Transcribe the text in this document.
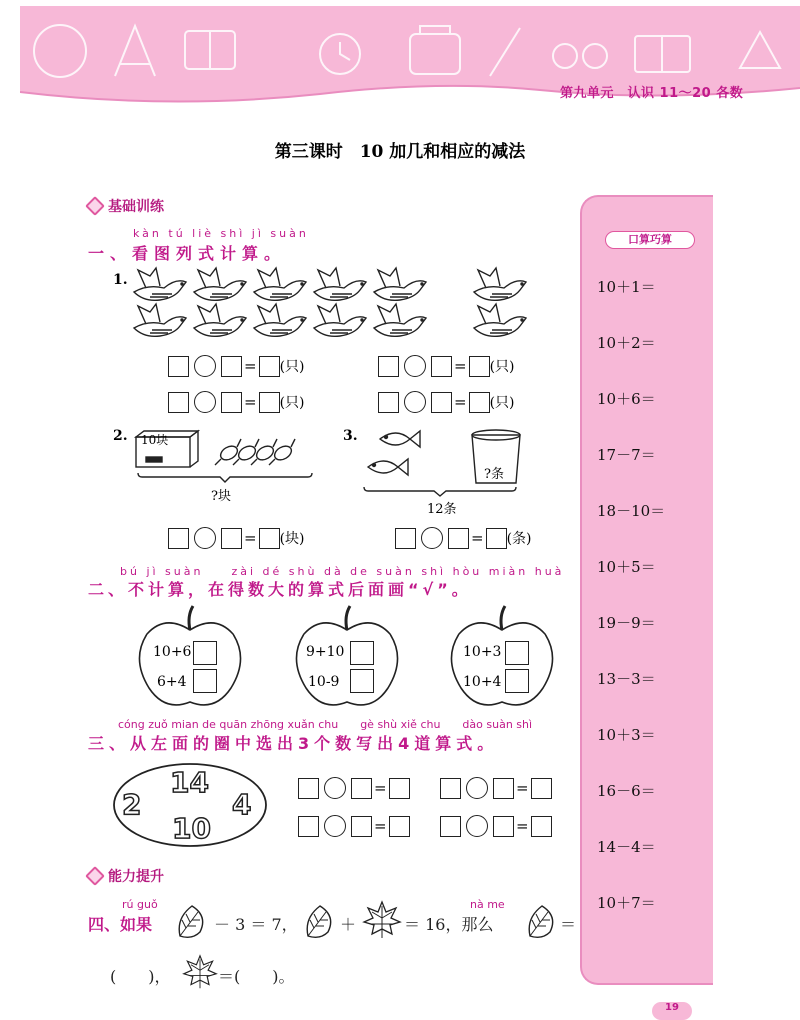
第九单元　认识 11～20 各数
第三课时　10 加几和相应的减法
基础训练
kàn tú liè shì jì suàn
一、看图列式计算。
1.
= (只)	= (只)
= (只)	= (只)
2. 10块
?块
3.
?条
12条
= (块)	= (条)
bú jì suàn　　zài dé shù dà de suàn shì hòu miàn huà
二、不计算，在得数大的算式后面画“√”。
10+6
6+4
9+10
10-9
10+3
10+4
cóng zuǒ mian de quān zhōng xuǎn chu　　gè shù xiě chu　　dào suàn shì
三、从左面的圈中选出3个数写出4道算式。
14
2	4
10
=	=
=	=
能力提升
rú guǒ	nà me
四、如果	－ 3 ＝ 7，	＋	＝ 16，那么	＝
(　　)，	＝(　　)。
口算巧算
10＋1＝
10＋2＝
10＋6＝
17－7＝
18－10＝
10＋5＝
19－9＝
13－3＝
10＋3＝
16－6＝
14－4＝
10＋7＝
19
